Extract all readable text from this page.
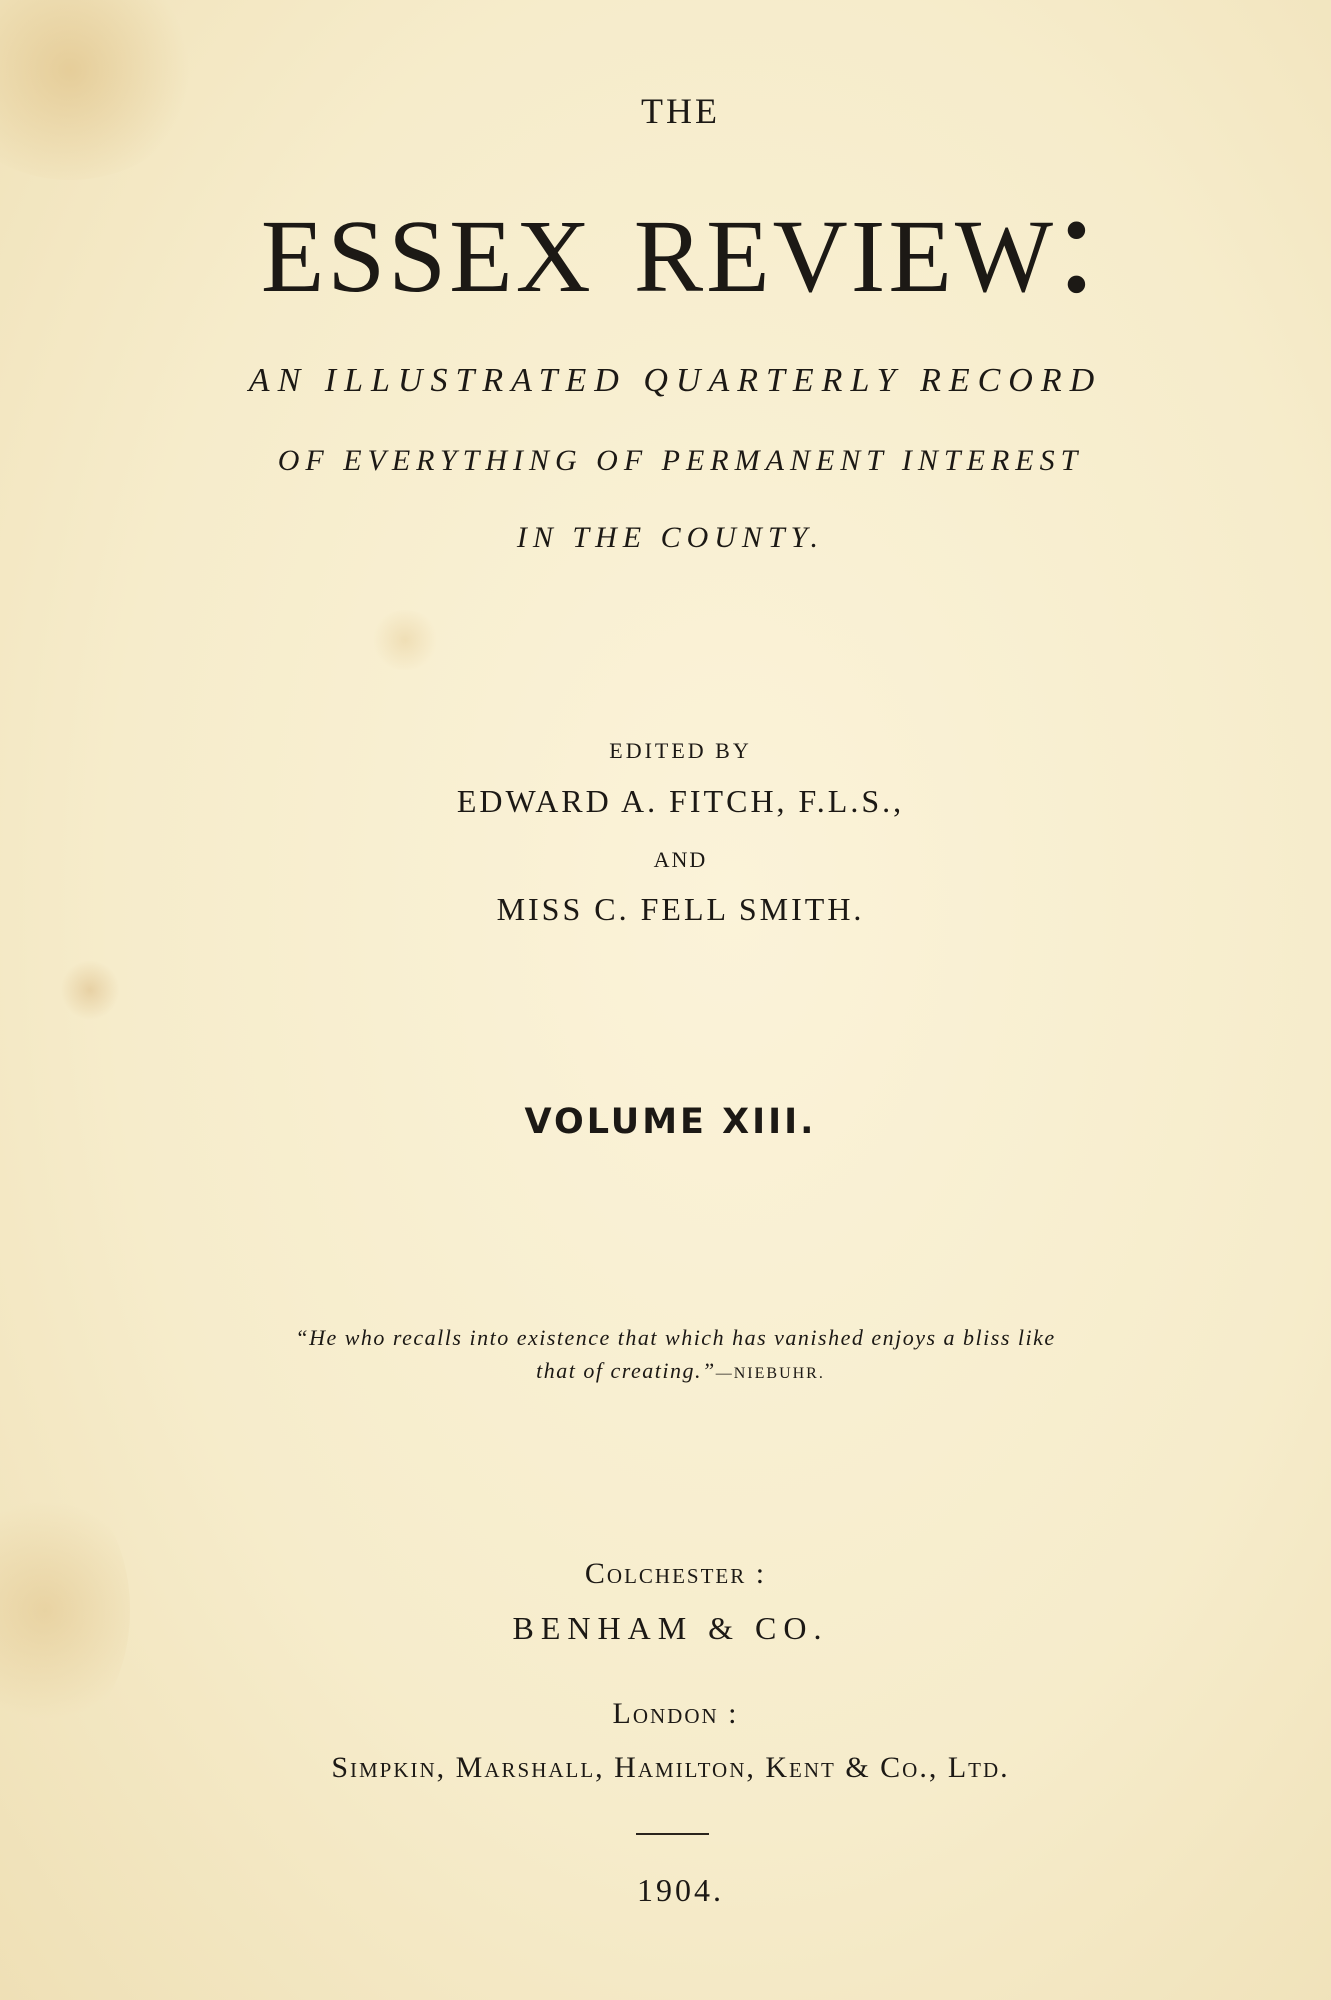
THE
essex review:
AN ILLUSTRATED QUARTERLY RECORD
OF EVERYTHING OF PERMANENT INTEREST
IN THE COUNTY.
EDITED BY
EDWARD A. FITCH, F.L.S.,
AND
MISS C. FELL SMITH.
VOLUME XIII.
“He who recalls into existence that which has vanished enjoys a bliss like
that of creating.”—NIEBUHR.
Colchester :
BENHAM & CO.
London :
Simpkin, Marshall, Hamilton, Kent & Co., Ltd.
1904.
